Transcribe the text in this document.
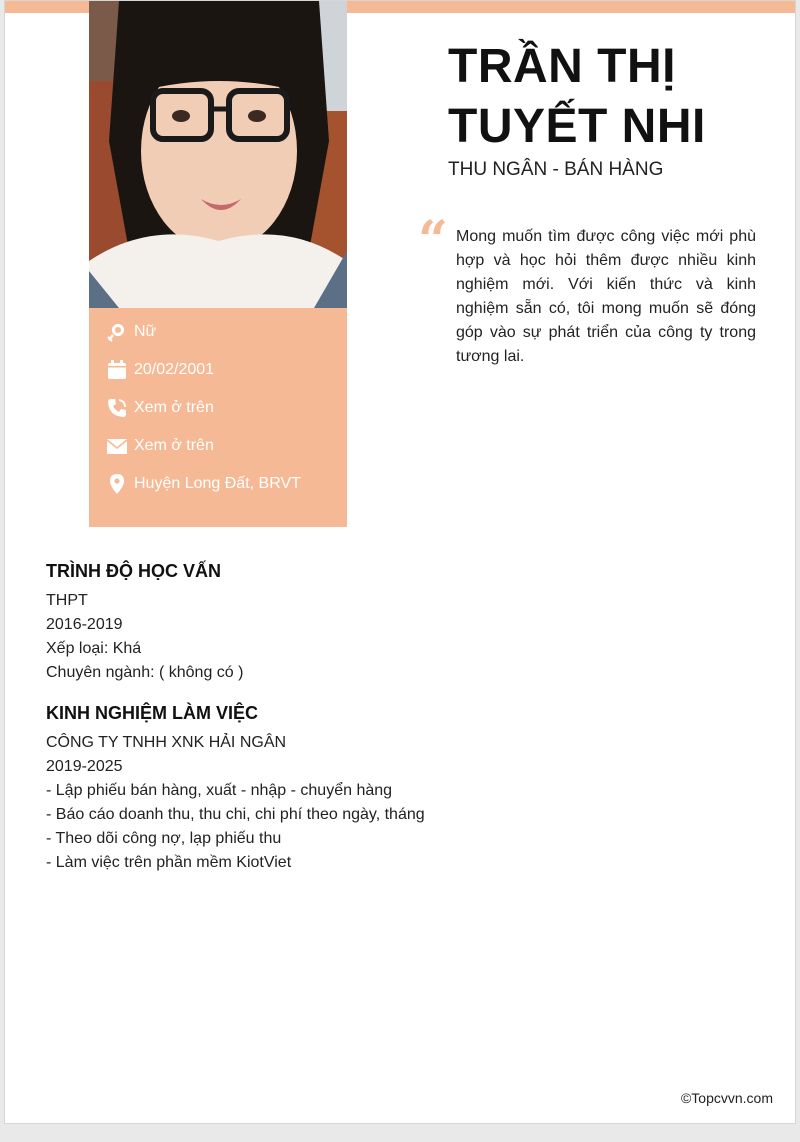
Nữ
20/02/2001
Xem ở trên
Xem ở trên
Huyện Long Đất, BRVT
TRẦN THỊ
TUYẾT NHI
THU NGÂN - BÁN HÀNG
“ Mong muốn tìm được công việc mới phù hợp và học hỏi thêm được nhiều kinh nghiệm mới. Với kiến thức và kinh nghiệm sẵn có, tôi mong muốn sẽ đóng góp vào sự phát triển của công ty trong tương lai.
TRÌNH ĐỘ HỌC VẤN
THPT
2016-2019
Xếp loại: Khá
Chuyên ngành: ( không có )
KINH NGHIỆM LÀM VIỆC
CÔNG TY TNHH XNK HẢI NGÂN
2019-2025
- Lập phiếu bán hàng, xuất - nhập - chuyển hàng
- Báo cáo doanh thu, thu chi, chi phí theo ngày, tháng
- Theo dõi công nợ, lạp phiếu thu
- Làm việc trên phần mềm KiotViet
©Topcvvn.com
